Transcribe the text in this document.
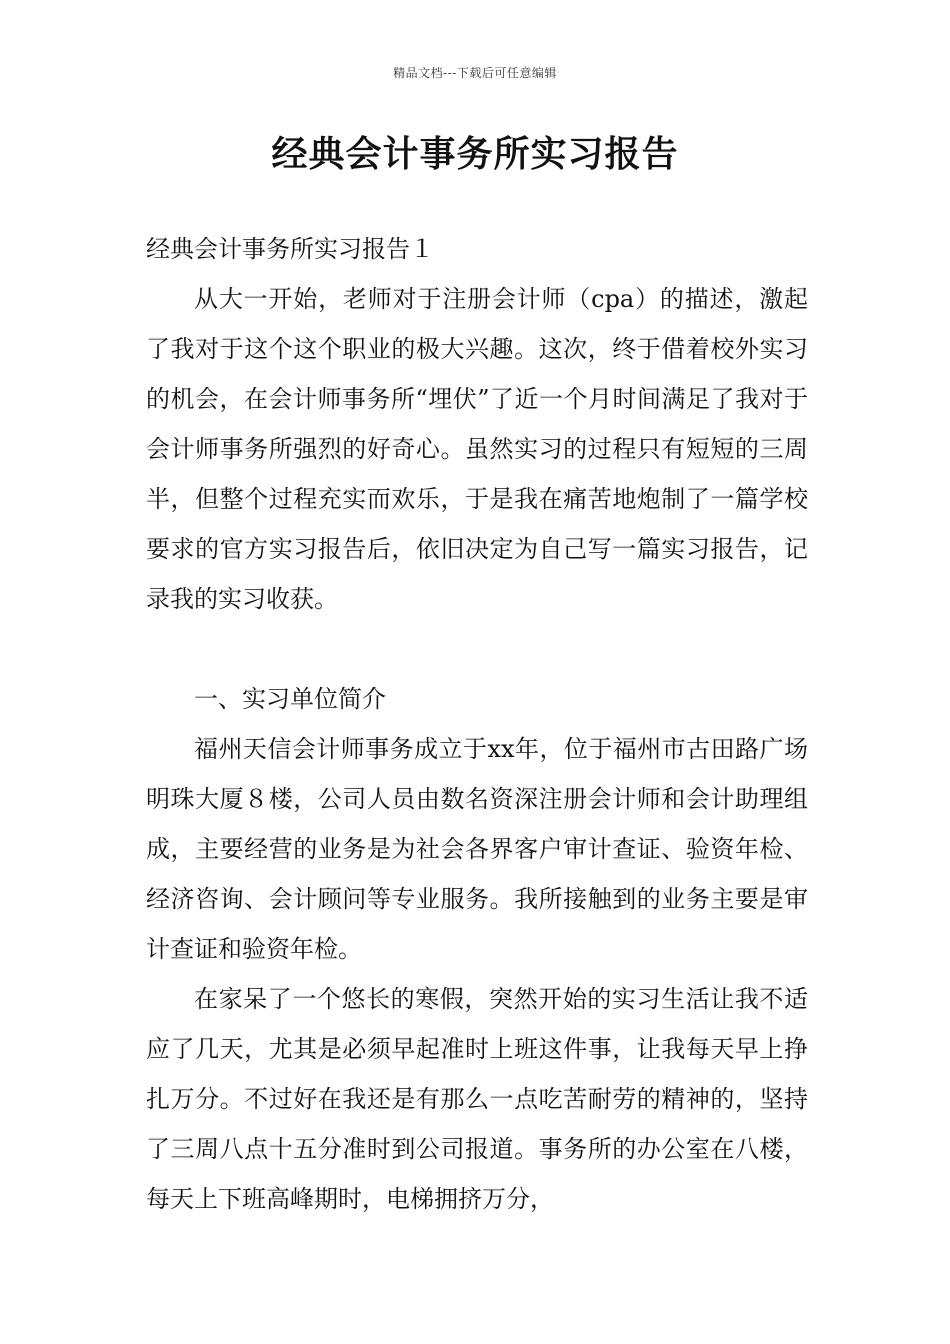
精品文档---下载后可任意编辑
经典会计事务所实习报告

经典会计事务所实习报告１

从大一开始，老师对于注册会计师（cpa）的描述，激起了我对于这个这个职业的极大兴趣。这次，终于借着校外实习的机会，在会计师事务所“埋伏”了近一个月时间满足了我对于会计师事务所强烈的好奇心。虽然实习的过程只有短短的三周半，但整个过程充实而欢乐，于是我在痛苦地炮制了一篇学校要求的官方实习报告后，依旧决定为自己写一篇实习报告，记录我的实习收获。

一、实习单位简介

福州天信会计师事务成立于xx年，位于福州市古田路广场明珠大厦８楼，公司人员由数名资深注册会计师和会计助理组成，主要经营的业务是为社会各界客户审计查证、验资年检、经济咨询、会计顾问等专业服务。我所接触到的业务主要是审计查证和验资年检。

在家呆了一个悠长的寒假，突然开始的实习生活让我不适应了几天，尤其是必须早起准时上班这件事，让我每天早上挣扎万分。不过好在我还是有那么一点吃苦耐劳的精神的，坚持了三周八点十五分准时到公司报道。事务所的办公室在八楼，每天上下班高峰期时，电梯拥挤万分，
